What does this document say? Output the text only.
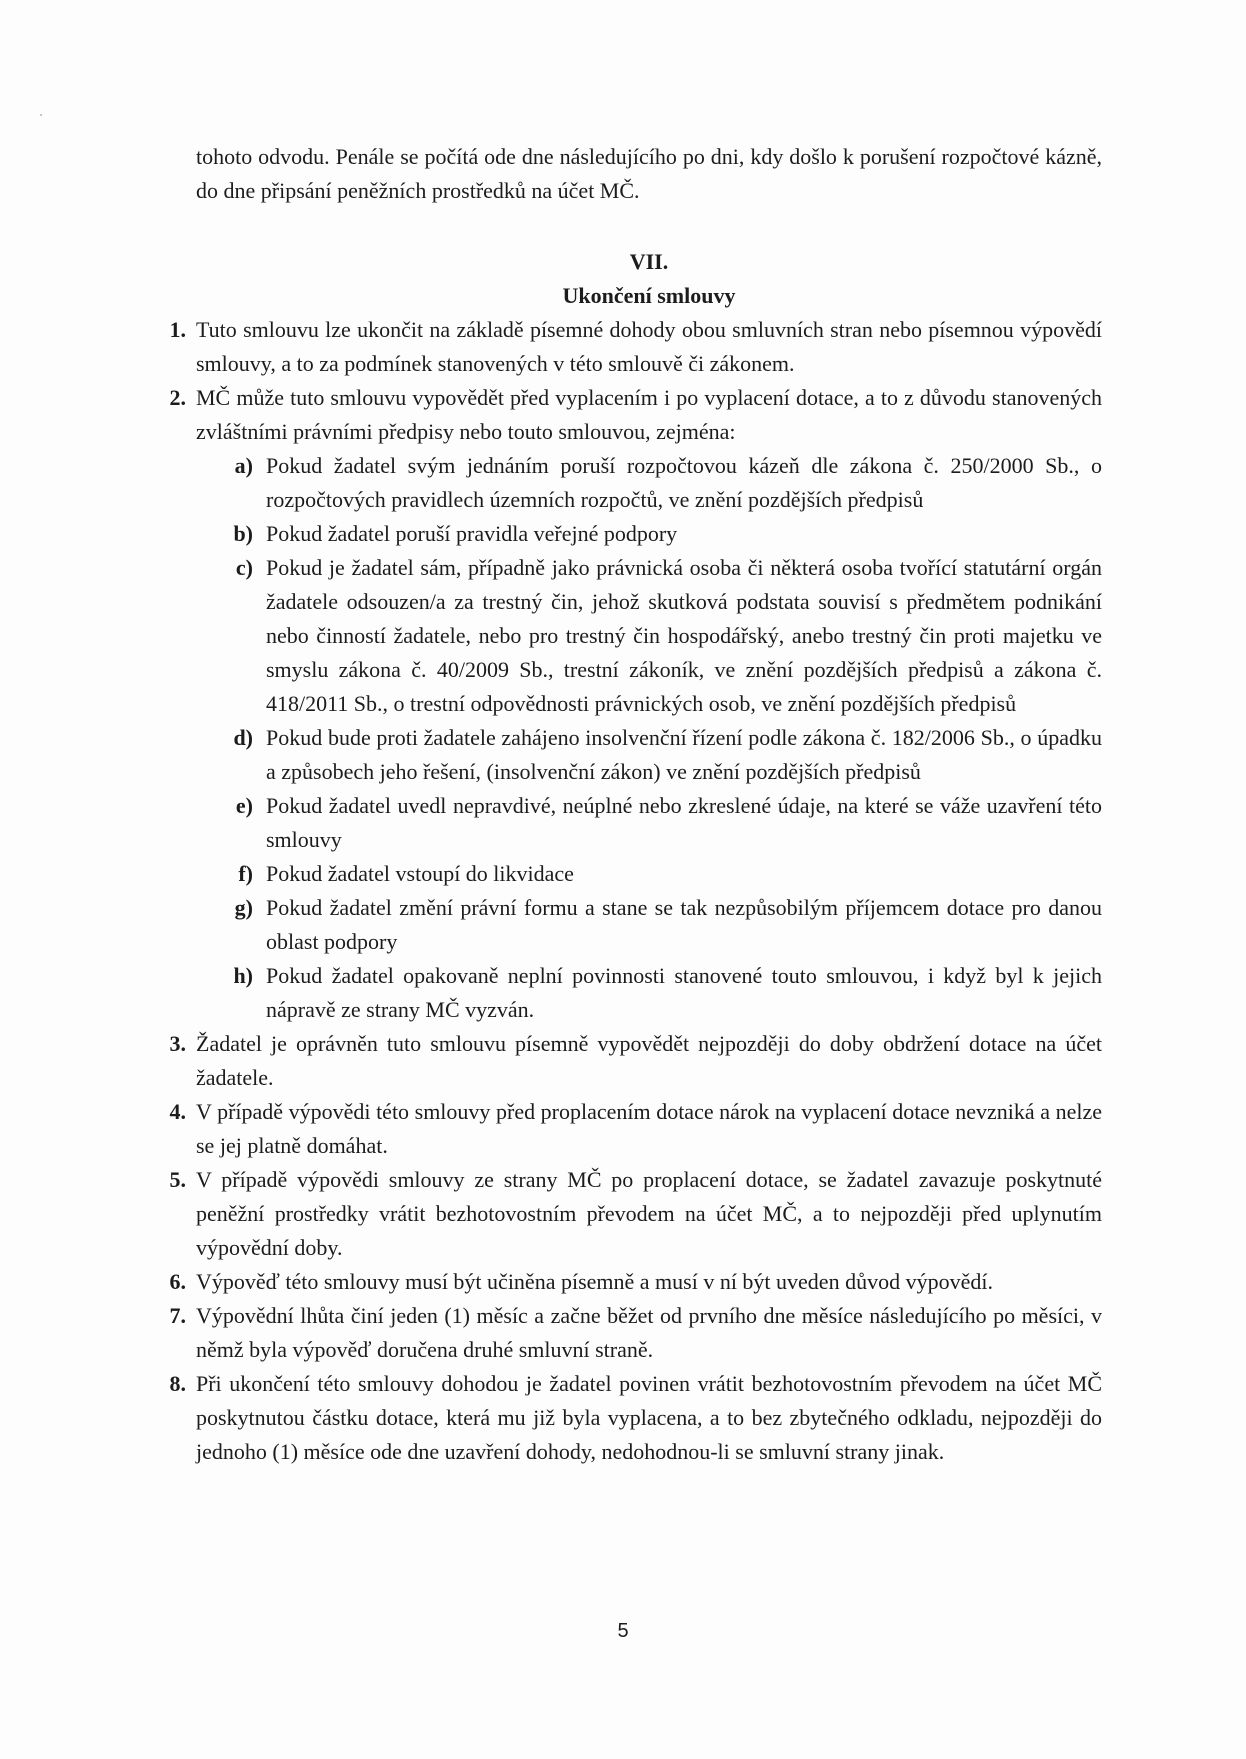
tohoto odvodu. Penále se počítá ode dne následujícího po dni, kdy došlo k porušení rozpočtové kázně, do dne připsání peněžních prostředků na účet MČ.
VII.
Ukončení smlouvy
1. Tuto smlouvu lze ukončit na základě písemné dohody obou smluvních stran nebo písemnou výpovědí smlouvy, a to za podmínek stanovených v této smlouvě či zákonem.
2. MČ může tuto smlouvu vypovědět před vyplacením i po vyplacení dotace, a to z důvodu stanovených zvláštními právními předpisy nebo touto smlouvou, zejména:
a) Pokud žadatel svým jednáním poruší rozpočtovou kázeň dle zákona č. 250/2000 Sb., o rozpočtových pravidlech územních rozpočtů, ve znění pozdějších předpisů
b) Pokud žadatel poruší pravidla veřejné podpory
c) Pokud je žadatel sám, případně jako právnická osoba či některá osoba tvořící statutární orgán žadatele odsouzen/a za trestný čin, jehož skutková podstata souvisí s předmětem podnikání nebo činností žadatele, nebo pro trestný čin hospodářský, anebo trestný čin proti majetku ve smyslu zákona č. 40/2009 Sb., trestní zákoník, ve znění pozdějších předpisů a zákona č. 418/2011 Sb., o trestní odpovědnosti právnických osob, ve znění pozdějších předpisů
d) Pokud bude proti žadatele zahájeno insolvenční řízení podle zákona č. 182/2006 Sb., o úpadku a způsobech jeho řešení, (insolvenční zákon) ve znění pozdějších předpisů
e) Pokud žadatel uvedl nepravdivé, neúplné nebo zkreslené údaje, na které se váže uzavření této smlouvy
f) Pokud žadatel vstoupí do likvidace
g) Pokud žadatel změní právní formu a stane se tak nezpůsobilým příjemcem dotace pro danou oblast podpory
h) Pokud žadatel opakovaně neplní povinnosti stanovené touto smlouvou, i když byl k jejich nápravě ze strany MČ vyzván.
3. Žadatel je oprávněn tuto smlouvu písemně vypovědět nejpozději do doby obdržení dotace na účet žadatele.
4. V případě výpovědi této smlouvy před proplacením dotace nárok na vyplacení dotace nevzniká a nelze se jej platně domáhat.
5. V případě výpovědi smlouvy ze strany MČ po proplacení dotace, se žadatel zavazuje poskytnuté peněžní prostředky vrátit bezhotovostním převodem na účet MČ, a to nejpozději před uplynutím výpovědní doby.
6. Výpověď této smlouvy musí být učiněna písemně a musí v ní být uveden důvod výpovědí.
7. Výpovědní lhůta činí jeden (1) měsíc a začne běžet od prvního dne měsíce následujícího po měsíci, v němž byla výpověď doručena druhé smluvní straně.
8. Při ukončení této smlouvy dohodou je žadatel povinen vrátit bezhotovostním převodem na účet MČ poskytnutou částku dotace, která mu již byla vyplacena, a to bez zbytečného odkladu, nejpozději do jednoho (1) měsíce ode dne uzavření dohody, nedohodnou-li se smluvní strany jinak.
5
